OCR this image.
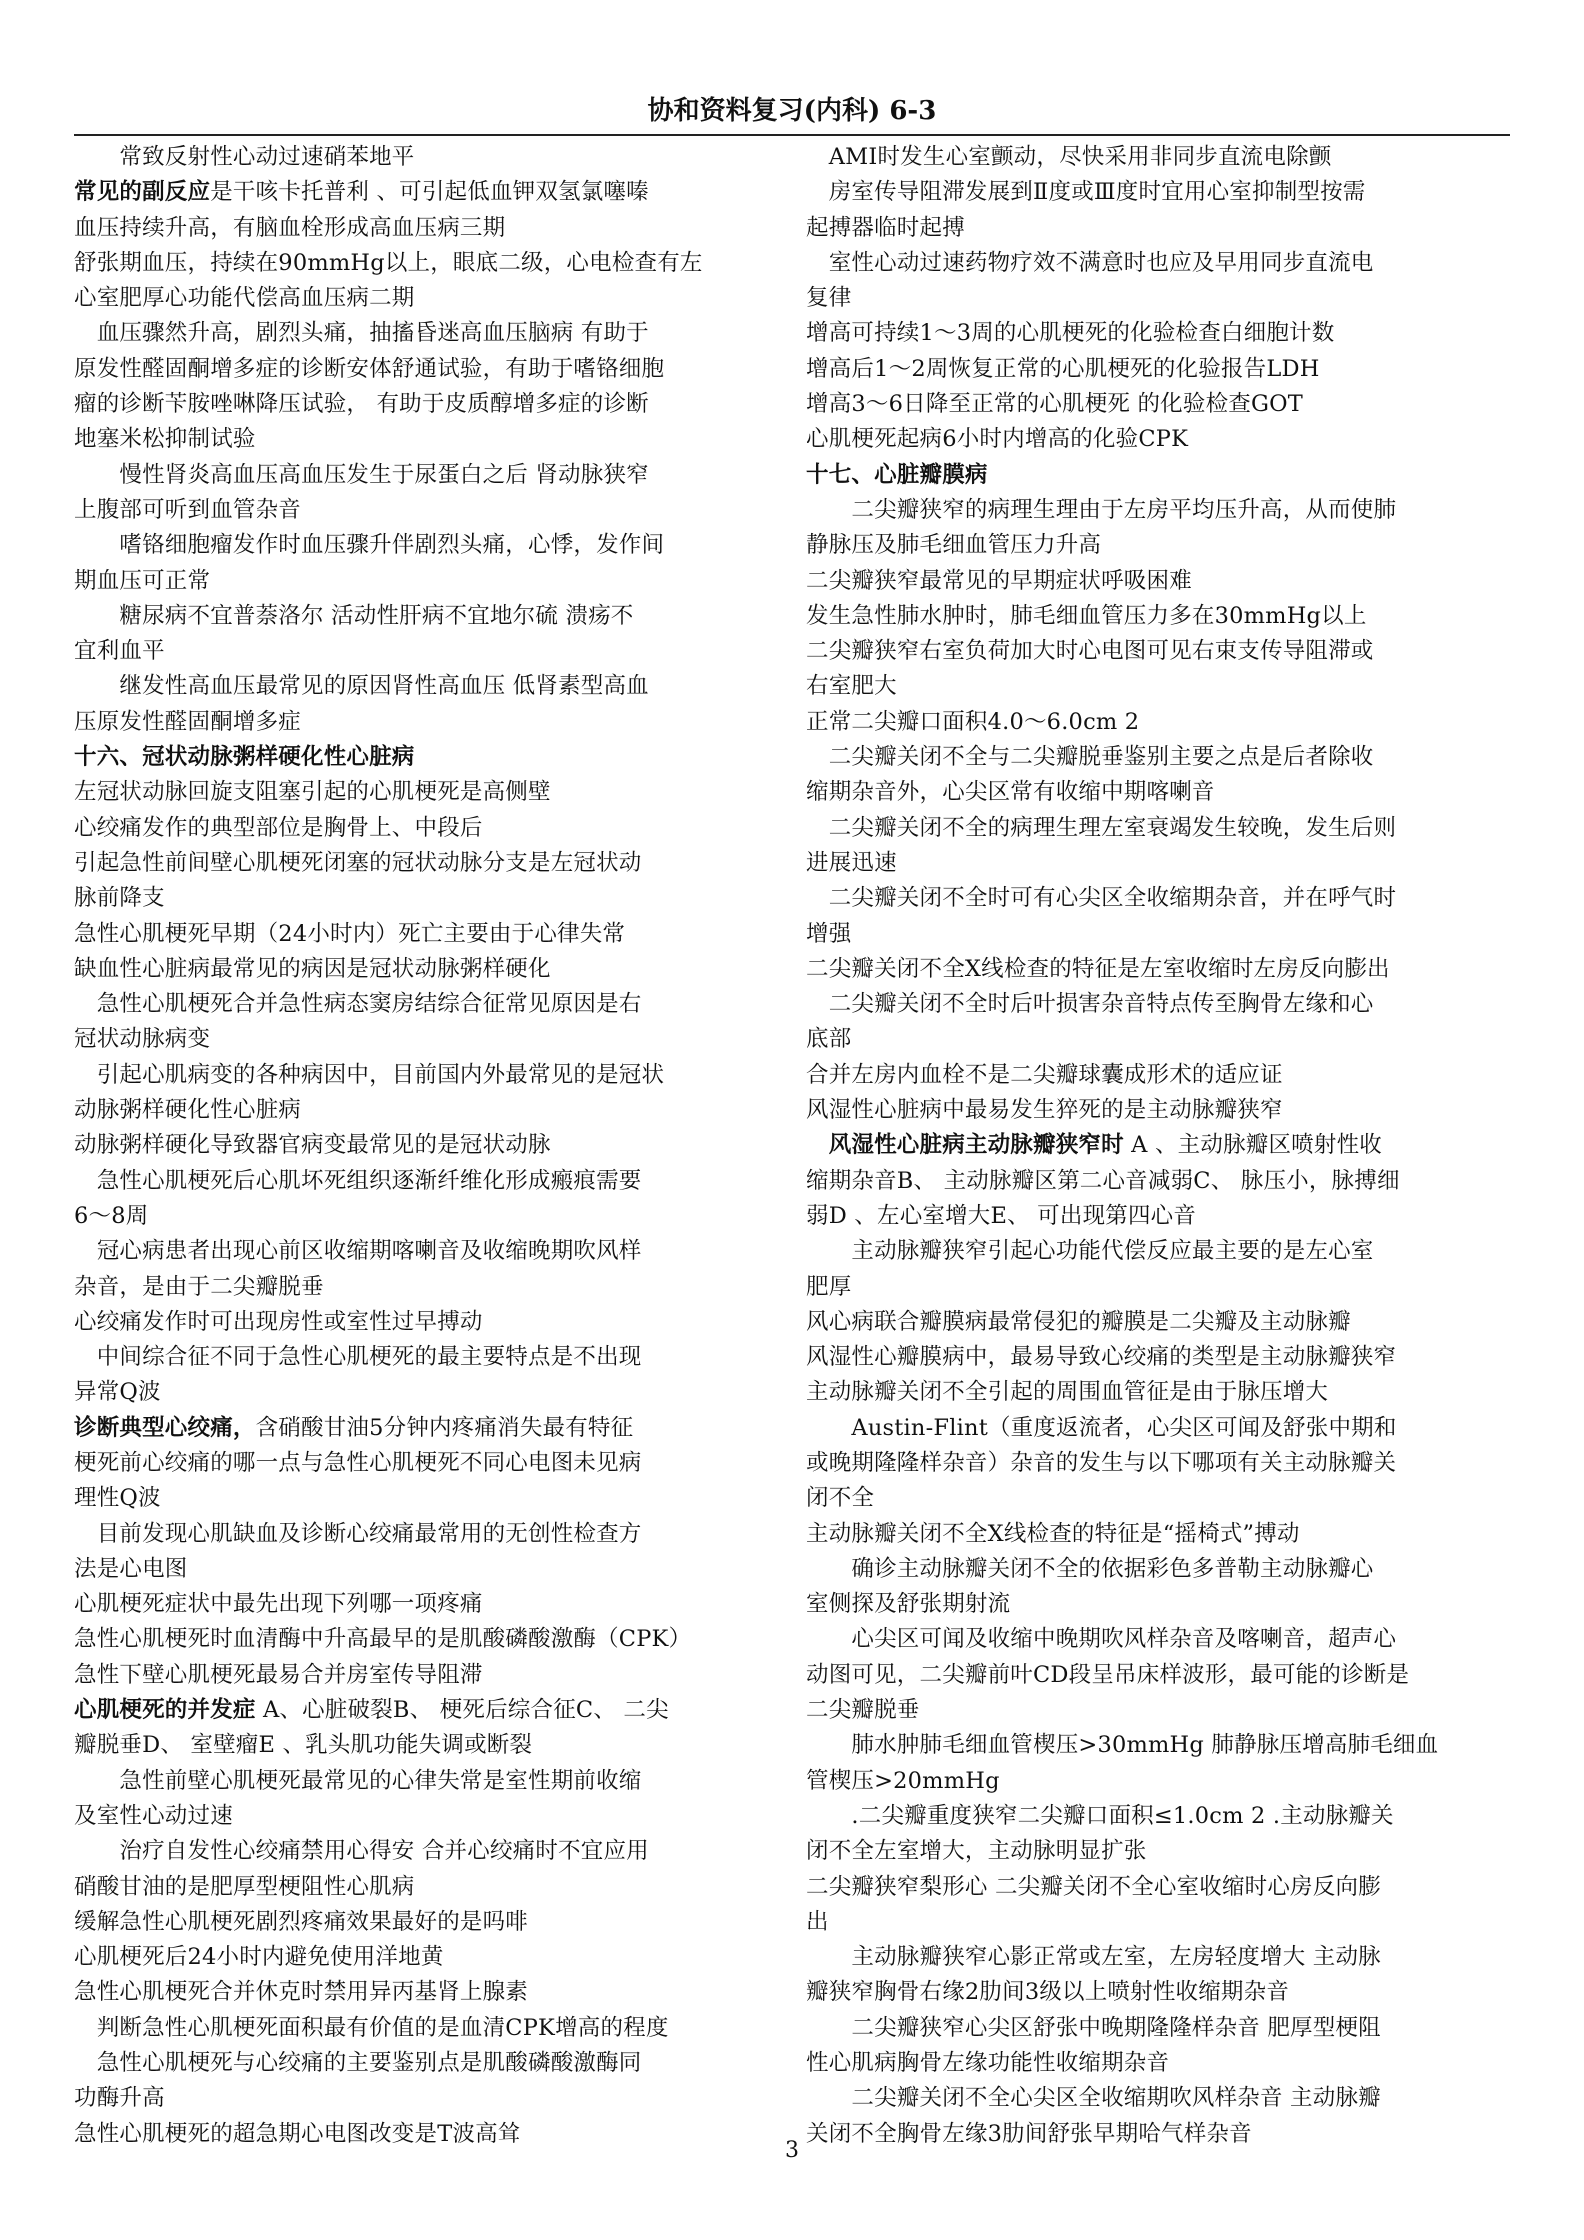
协和资料复习(内科) 6-3
　　常致反射性心动过速硝苯地平
常见的副反应是干咳卡托普利 、可引起低血钾双氢氯噻嗪
血压持续升高，有脑血栓形成高血压病三期
舒张期血压，持续在90mmHg以上，眼底二级，心电检查有左
心室肥厚心功能代偿高血压病二期
　血压骤然升高，剧烈头痛，抽搐昏迷高血压脑病 有助于
原发性醛固酮增多症的诊断安体舒通试验，有助于嗜铬细胞
瘤的诊断苄胺唑啉降压试验， 有助于皮质醇增多症的诊断
地塞米松抑制试验
　　慢性肾炎高血压高血压发生于尿蛋白之后 肾动脉狭窄
上腹部可听到血管杂音
　　嗜铬细胞瘤发作时血压骤升伴剧烈头痛，心悸，发作间
期血压可正常
　　糖尿病不宜普萘洛尔 活动性肝病不宜地尔硫 溃疡不
宜利血平
　　继发性高血压最常见的原因肾性高血压 低肾素型高血
压原发性醛固酮增多症
十六、冠状动脉粥样硬化性心脏病
左冠状动脉回旋支阻塞引起的心肌梗死是高侧壁
心绞痛发作的典型部位是胸骨上、中段后
引起急性前间壁心肌梗死闭塞的冠状动脉分支是左冠状动
脉前降支
急性心肌梗死早期（24小时内）死亡主要由于心律失常
缺血性心脏病最常见的病因是冠状动脉粥样硬化
　急性心肌梗死合并急性病态窦房结综合征常见原因是右
冠状动脉病变
　引起心肌病变的各种病因中，目前国内外最常见的是冠状
动脉粥样硬化性心脏病
动脉粥样硬化导致器官病变最常见的是冠状动脉
　急性心肌梗死后心肌坏死组织逐渐纤维化形成瘢痕需要
6～8周
　冠心病患者出现心前区收缩期喀喇音及收缩晚期吹风样
杂音，是由于二尖瓣脱垂
心绞痛发作时可出现房性或室性过早搏动
　中间综合征不同于急性心肌梗死的最主要特点是不出现
异常Q波
诊断典型心绞痛，含硝酸甘油5分钟内疼痛消失最有特征
梗死前心绞痛的哪一点与急性心肌梗死不同心电图未见病
理性Q波
　目前发现心肌缺血及诊断心绞痛最常用的无创性检查方
法是心电图
心肌梗死症状中最先出现下列哪一项疼痛
急性心肌梗死时血清酶中升高最早的是肌酸磷酸激酶（CPK）
急性下壁心肌梗死最易合并房室传导阻滞
心肌梗死的并发症 A、心脏破裂B、 梗死后综合征C、 二尖
瓣脱垂D、 室壁瘤E 、乳头肌功能失调或断裂
　　急性前壁心肌梗死最常见的心律失常是室性期前收缩
及室性心动过速
　　治疗自发性心绞痛禁用心得安 合并心绞痛时不宜应用
硝酸甘油的是肥厚型梗阻性心肌病
缓解急性心肌梗死剧烈疼痛效果最好的是吗啡
心肌梗死后24小时内避免使用洋地黄
急性心肌梗死合并休克时禁用异丙基肾上腺素
　判断急性心肌梗死面积最有价值的是血清CPK增高的程度
　急性心肌梗死与心绞痛的主要鉴别点是肌酸磷酸激酶同
功酶升高
急性心肌梗死的超急期心电图改变是T波高耸
　AMI时发生心室颤动，尽快采用非同步直流电除颤
　房室传导阻滞发展到Ⅱ度或Ⅲ度时宜用心室抑制型按需
起搏器临时起搏
　室性心动过速药物疗效不满意时也应及早用同步直流电
复律
增高可持续1～3周的心肌梗死的化验检查白细胞计数
增高后1～2周恢复正常的心肌梗死的化验报告LDH
增高3～6日降至正常的心肌梗死 的化验检查GOT
心肌梗死起病6小时内增高的化验CPK
十七、心脏瓣膜病
　　二尖瓣狭窄的病理生理由于左房平均压升高，从而使肺
静脉压及肺毛细血管压力升高
二尖瓣狭窄最常见的早期症状呼吸困难
发生急性肺水肿时，肺毛细血管压力多在30mmHg以上
二尖瓣狭窄右室负荷加大时心电图可见右束支传导阻滞或
右室肥大
正常二尖瓣口面积4.0～6.0cm 2
　二尖瓣关闭不全与二尖瓣脱垂鉴别主要之点是后者除收
缩期杂音外，心尖区常有收缩中期喀喇音
　二尖瓣关闭不全的病理生理左室衰竭发生较晚，发生后则
进展迅速
　二尖瓣关闭不全时可有心尖区全收缩期杂音，并在呼气时
增强
二尖瓣关闭不全X线检查的特征是左室收缩时左房反向膨出
　二尖瓣关闭不全时后叶损害杂音特点传至胸骨左缘和心
底部
合并左房内血栓不是二尖瓣球囊成形术的适应证
风湿性心脏病中最易发生猝死的是主动脉瓣狭窄
　风湿性心脏病主动脉瓣狭窄时 A 、主动脉瓣区喷射性收
缩期杂音B、 主动脉瓣区第二心音减弱C、 脉压小，脉搏细
弱D 、左心室增大E、 可出现第四心音
　　主动脉瓣狭窄引起心功能代偿反应最主要的是左心室
肥厚
风心病联合瓣膜病最常侵犯的瓣膜是二尖瓣及主动脉瓣
风湿性心瓣膜病中，最易导致心绞痛的类型是主动脉瓣狭窄
主动脉瓣关闭不全引起的周围血管征是由于脉压增大
　　Austin-Flint（重度返流者，心尖区可闻及舒张中期和
或晚期隆隆样杂音）杂音的发生与以下哪项有关主动脉瓣关
闭不全
主动脉瓣关闭不全X线检查的特征是“摇椅式”搏动
　　确诊主动脉瓣关闭不全的依据彩色多普勒主动脉瓣心
室侧探及舒张期射流
　　心尖区可闻及收缩中晚期吹风样杂音及喀喇音，超声心
动图可见，二尖瓣前叶CD段呈吊床样波形，最可能的诊断是
二尖瓣脱垂
　　肺水肿肺毛细血管楔压>30mmHg 肺静脉压增高肺毛细血
管楔压>20mmHg
　　.二尖瓣重度狭窄二尖瓣口面积≤1.0cm 2 .主动脉瓣关
闭不全左室增大，主动脉明显扩张
二尖瓣狭窄梨形心 二尖瓣关闭不全心室收缩时心房反向膨
出
　　主动脉瓣狭窄心影正常或左室，左房轻度增大 主动脉
瓣狭窄胸骨右缘2肋间3级以上喷射性收缩期杂音
　　二尖瓣狭窄心尖区舒张中晚期隆隆样杂音 肥厚型梗阻
性心肌病胸骨左缘功能性收缩期杂音
　　二尖瓣关闭不全心尖区全收缩期吹风样杂音 主动脉瓣
关闭不全胸骨左缘3肋间舒张早期哈气样杂音
3
